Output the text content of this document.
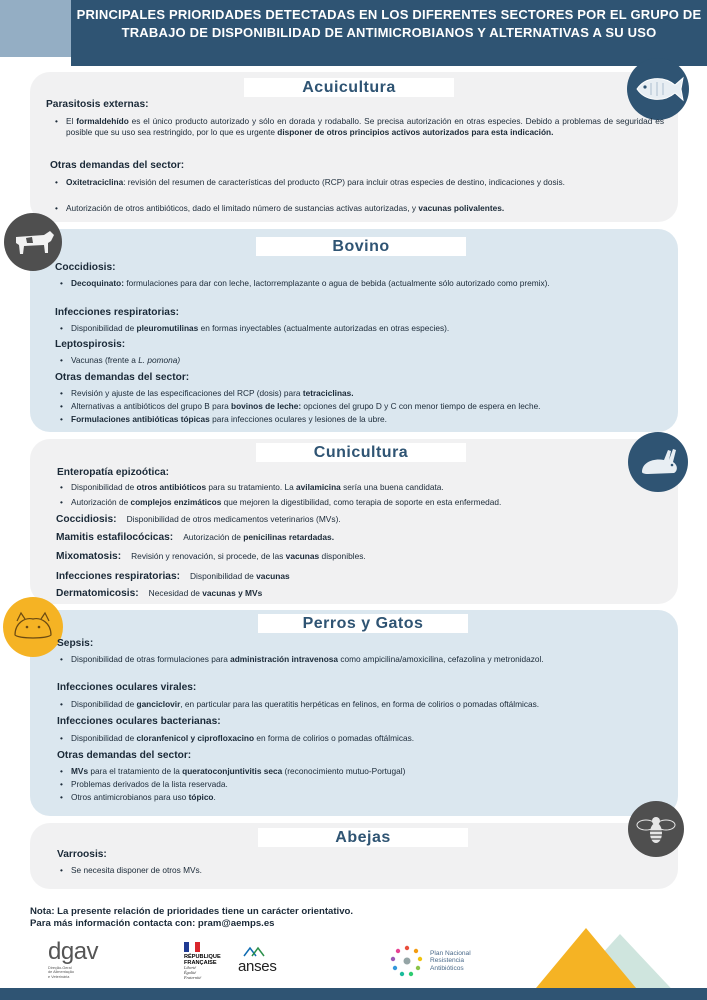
PRINCIPALES PRIORIDADES DETECTADAS EN LOS DIFERENTES SECTORES POR EL GRUPO DE TRABAJO DE DISPONIBILIDAD DE ANTIMICROBIANOS Y ALTERNATIVAS A SU USO
Acuicultura
Parasitosis externas:
• El formaldehído es el único producto autorizado y sólo en dorada y rodaballo. Se precisa autorización en otras especies. Debido a problemas de seguridad es posible que su uso sea restringido, por lo que es urgente disponer de otros principios activos autorizados para esta indicación.
Otras demandas del sector:
• Oxitetraciclina: revisión del resumen de características del producto (RCP) para incluir otras especies de destino, indicaciones y dosis.
• Autorización de otros antibióticos, dado el limitado número de sustancias activas autorizadas, y vacunas polivalentes.
Bovino
Coccidiosis:
• Decoquinato: formulaciones para dar con leche, lactorremplazante o agua de bebida (actualmente sólo autorizado como premix).
Infecciones respiratorias:
• Disponibilidad de pleuromutilinas en formas inyectables (actualmente autorizadas en otras especies).
Leptospirosis:
• Vacunas (frente a L. pomona)
Otras demandas del sector:
• Revisión y ajuste de las especificaciones del RCP (dosis) para tetraciclinas.
• Alternativas a antibióticos del grupo B para bovinos de leche: opciones del grupo D y C con menor tiempo de espera en leche.
• Formulaciones antibióticas tópicas para infecciones oculares y lesiones de la ubre.
Cunicultura
Enteropatía epizoótica:
• Disponibilidad de otros antibióticos para su tratamiento. La avilamicina sería una buena candidata.
• Autorización de complejos enzimáticos que mejoren la digestibilidad, como terapia de soporte en esta enfermedad.
Coccidiosis: Disponibilidad de otros medicamentos veterinarios (MVs).
Mamitis estafilocócicas: Autorización de penicilinas retardadas.
Mixomatosis: Revisión y renovación, si procede, de las vacunas disponibles.
Infecciones respiratorias: Disponibilidad de vacunas
Dermatomicosis: Necesidad de vacunas y MVs
Perros y Gatos
Sepsis:
• Disponibilidad de otras formulaciones para administración intravenosa como ampicilina/amoxicilina, cefazolina y metronidazol.
Infecciones oculares virales:
• Disponibilidad de ganciclovir, en particular para las queratitis herpéticas en felinos, en forma de colirios o pomadas oftálmicas.
Infecciones oculares bacterianas:
• Disponibilidad de cloranfenicol y ciprofloxacino en forma de colirios o pomadas oftálmicas.
Otras demandas del sector:
• MVs para el tratamiento de la queratoconjuntivitis seca (reconocimiento mutuo-Portugal)
• Problemas derivados de la lista reservada.
• Otros antimicrobianos para uso tópico.
Abejas
Varroosis:
• Se necesita disponer de otros MVs.
Nota: La presente relación de prioridades tiene un carácter orientativo.
Para más información contacta con: pram@aemps.es
dgav
Direção-Geral
de Alimentação
e Veterinária
RÉPUBLIQUE
FRANÇAISE
Liberté
Égalité
Fraternité
anses
Plan Nacional
Resistencia
Antibióticos
